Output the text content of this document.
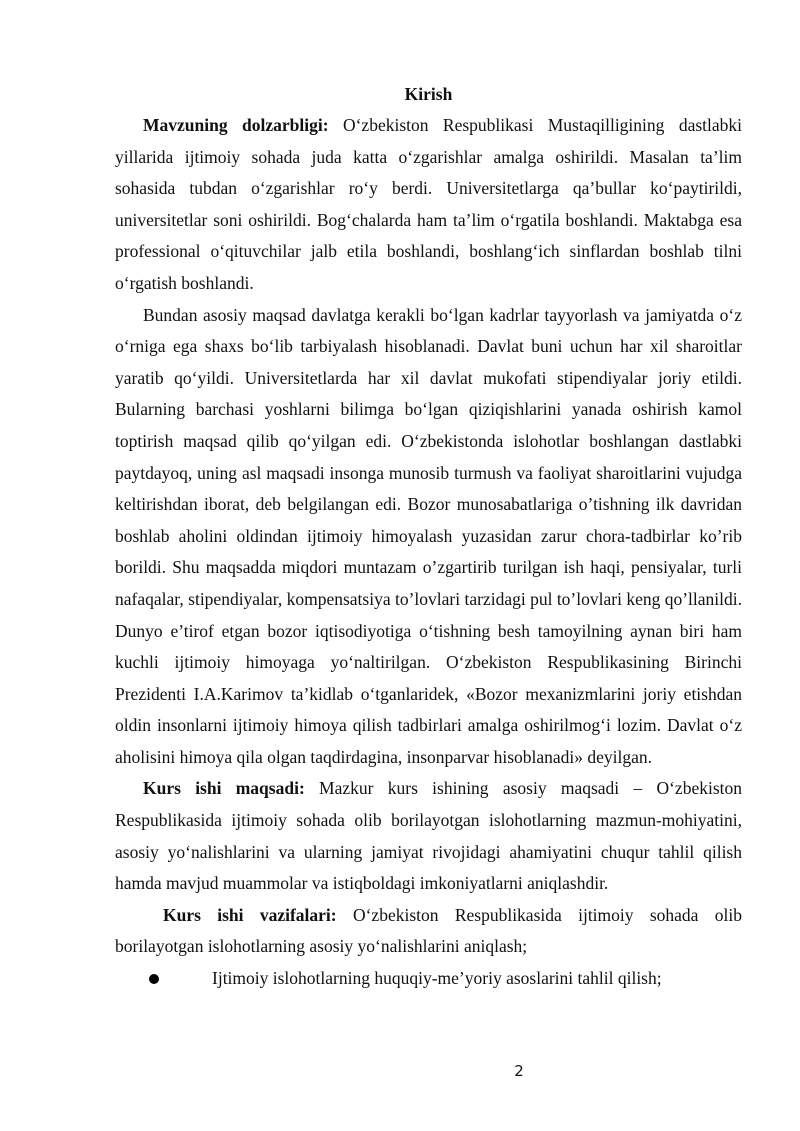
Kirish

Mavzuning dolzarbligi: O‘zbekiston Respublikasi Mustaqilligining dastlabki yillarida ijtimoiy sohada juda katta o‘zgarishlar amalga oshirildi. Masalan ta’lim sohasida tubdan o‘zgarishlar ro‘y berdi. Universitetlarga qa’bullar ko‘paytirildi, universitetlar soni oshirildi. Bog‘chalarda ham ta’lim o‘rgatila boshlandi. Maktabga esa professional o‘qituvchilar jalb etila boshlandi, boshlang‘ich sinflardan boshlab tilni o‘rgatish boshlandi.

Bundan asosiy maqsad davlatga kerakli bo‘lgan kadrlar tayyorlash va jamiyatda o‘z o‘rniga ega shaxs bo‘lib tarbiyalash hisoblanadi. Davlat buni uchun har xil sharoitlar yaratib qo‘yildi. Universitetlarda har xil davlat mukofati stipendiyalar joriy etildi. Bularning barchasi yoshlarni bilimga bo‘lgan qiziqishlarini yanada oshirish kamol toptirish maqsad qilib qo‘yilgan edi. O‘zbekistonda islohotlar boshlangan dastlabki paytdayoq, uning asl maqsadi insonga munosib turmush va faoliyat sharoitlarini vujudga keltirishdan iborat, deb belgilangan edi. Bozor munosabatlariga o’tishning ilk davridan boshlab aholini oldindan ijtimoiy himoyalash yuzasidan zarur chora-tadbirlar ko’rib borildi. Shu maqsadda miqdori muntazam o’zgartirib turilgan ish haqi, pensiyalar, turli nafaqalar, stipendiyalar, kompensatsiya to’lovlari tarzidagi pul to’lovlari keng qo’llanildi. Dunyo e’tirof etgan bozor iqtisodiyotiga o‘tishning besh tamoyilning aynan biri ham kuchli ijtimoiy himoyaga yo‘naltirilgan. O‘zbekiston Respublikasining Birinchi Prezidenti I.A.Karimov ta’kidlab o‘tganlaridek, «Bozor mexanizmlarini joriy etishdan oldin insonlarni ijtimoiy himoya qilish tadbirlari amalga oshirilmog‘i lozim. Davlat o‘z aholisini himoya qila olgan taqdirdagina, insonparvar hisoblanadi» deyilgan.

Kurs ishi maqsadi: Mazkur kurs ishining asosiy maqsadi – O‘zbekiston Respublikasida ijtimoiy sohada olib borilayotgan islohotlarning mazmun-mohiyatini, asosiy yo‘nalishlarini va ularning jamiyat rivojidagi ahamiyatini chuqur tahlil qilish hamda mavjud muammolar va istiqboldagi imkoniyatlarni aniqlashdir.

Kurs ishi vazifalari: O‘zbekiston Respublikasida ijtimoiy sohada olib borilayotgan islohotlarning asosiy yo‘nalishlarini aniqlash;

Ijtimoiy islohotlarning huquqiy-me’yoriy asoslarini tahlil qilish;
2
